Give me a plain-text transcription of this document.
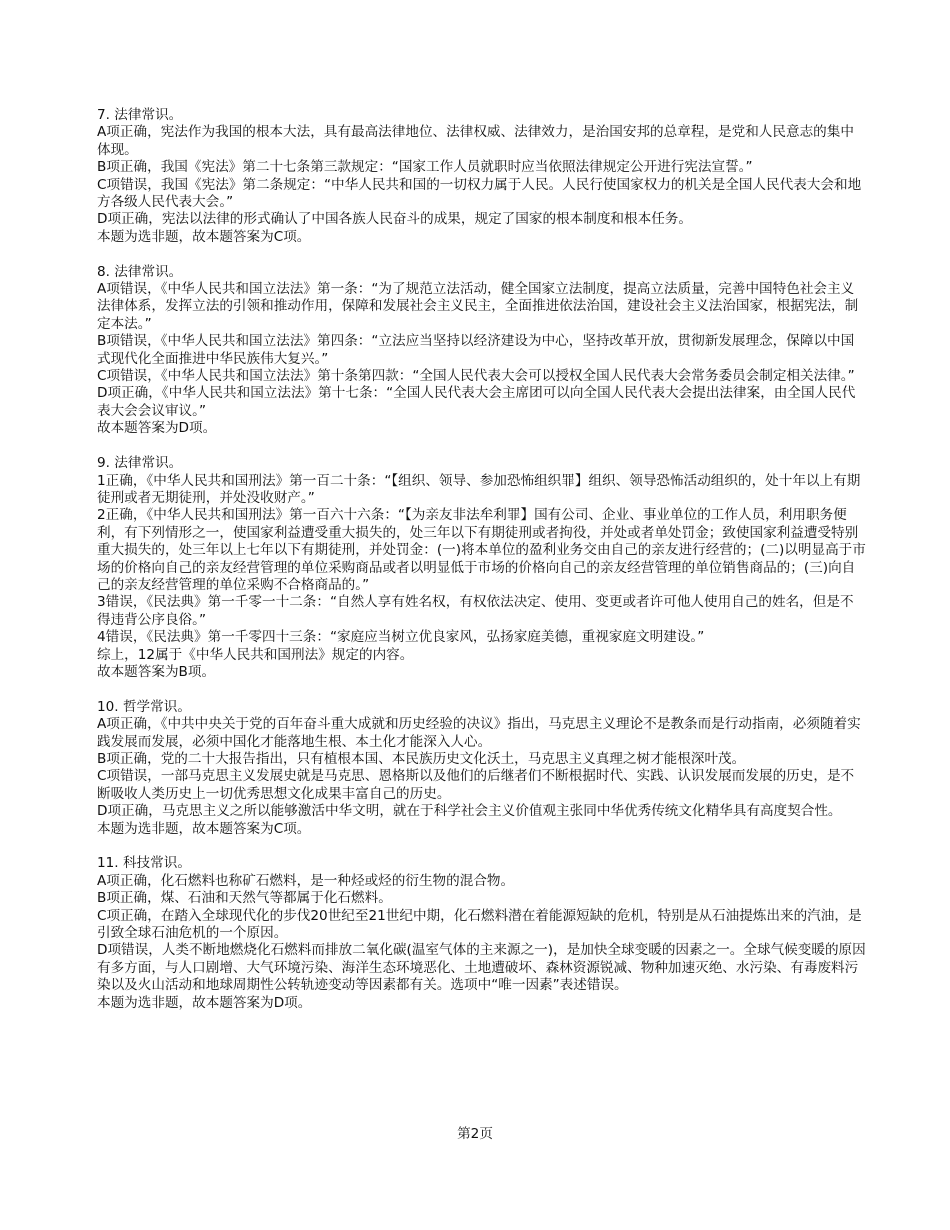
7. 法律常识。
A项正确，宪法作为我国的根本大法，具有最高法律地位、法律权威、法律效力，是治国安邦的总章程，是党和人民意志的集中体现。
B项正确，我国《宪法》第二十七条第三款规定：“国家工作人员就职时应当依照法律规定公开进行宪法宣誓。”
C项错误，我国《宪法》第二条规定：“中华人民共和国的一切权力属于人民。人民行使国家权力的机关是全国人民代表大会和地方各级人民代表大会。”
D项正确，宪法以法律的形式确认了中国各族人民奋斗的成果，规定了国家的根本制度和根本任务。
本题为选非题，故本题答案为C项。
8. 法律常识。
A项错误，《中华人民共和国立法法》第一条：“为了规范立法活动，健全国家立法制度，提高立法质量，完善中国特色社会主义法律体系，发挥立法的引领和推动作用，保障和发展社会主义民主，全面推进依法治国，建设社会主义法治国家，根据宪法，制定本法。”
B项错误，《中华人民共和国立法法》第四条：“立法应当坚持以经济建设为中心，坚持改革开放，贯彻新发展理念，保障以中国式现代化全面推进中华民族伟大复兴。”
C项错误，《中华人民共和国立法法》第十条第四款：“全国人民代表大会可以授权全国人民代表大会常务委员会制定相关法律。”
D项正确，《中华人民共和国立法法》第十七条：“全国人民代表大会主席团可以向全国人民代表大会提出法律案，由全国人民代表大会会议审议。”
故本题答案为D项。
9. 法律常识。
1正确，《中华人民共和国刑法》第一百二十条：“【组织、领导、参加恐怖组织罪】组织、领导恐怖活动组织的，处十年以上有期徒刑或者无期徒刑，并处没收财产。”
2正确，《中华人民共和国刑法》第一百六十六条：“【为亲友非法牟利罪】国有公司、企业、事业单位的工作人员，利用职务便利，有下列情形之一，使国家利益遭受重大损失的，处三年以下有期徒刑或者拘役，并处或者单处罚金；致使国家利益遭受特别重大损失的，处三年以上七年以下有期徒刑，并处罚金：(一)将本单位的盈利业务交由自己的亲友进行经营的；(二)以明显高于市场的价格向自己的亲友经营管理的单位采购商品或者以明显低于市场的价格向自己的亲友经营管理的单位销售商品的；(三)向自己的亲友经营管理的单位采购不合格商品的。”
3错误，《民法典》第一千零一十二条：“自然人享有姓名权，有权依法决定、使用、变更或者许可他人使用自己的姓名，但是不得违背公序良俗。”
4错误，《民法典》第一千零四十三条：“家庭应当树立优良家风，弘扬家庭美德，重视家庭文明建设。”
综上，12属于《中华人民共和国刑法》规定的内容。
故本题答案为B项。
10. 哲学常识。
A项正确，《中共中央关于党的百年奋斗重大成就和历史经验的决议》指出，马克思主义理论不是教条而是行动指南，必须随着实践发展而发展，必须中国化才能落地生根、本土化才能深入人心。
B项正确，党的二十大报告指出，只有植根本国、本民族历史文化沃土，马克思主义真理之树才能根深叶茂。
C项错误，一部马克思主义发展史就是马克思、恩格斯以及他们的后继者们不断根据时代、实践、认识发展而发展的历史，是不断吸收人类历史上一切优秀思想文化成果丰富自己的历史。
D项正确，马克思主义之所以能够激活中华文明，就在于科学社会主义价值观主张同中华优秀传统文化精华具有高度契合性。
本题为选非题，故本题答案为C项。
11. 科技常识。
A项正确，化石燃料也称矿石燃料，是一种烃或烃的衍生物的混合物。
B项正确，煤、石油和天然气等都属于化石燃料。
C项正确，在踏入全球现代化的步伐20世纪至21世纪中期，化石燃料潜在着能源短缺的危机，特别是从石油提炼出来的汽油，是引致全球石油危机的一个原因。
D项错误，人类不断地燃烧化石燃料而排放二氧化碳(温室气体的主来源之一)，是加快全球变暖的因素之一。全球气候变暖的原因有多方面，与人口剧增、大气环境污染、海洋生态环境恶化、土地遭破坏、森林资源锐减、物种加速灭绝、水污染、有毒废料污染以及火山活动和地球周期性公转轨迹变动等因素都有关。选项中“唯一因素”表述错误。
本题为选非题，故本题答案为D项。
第2页
